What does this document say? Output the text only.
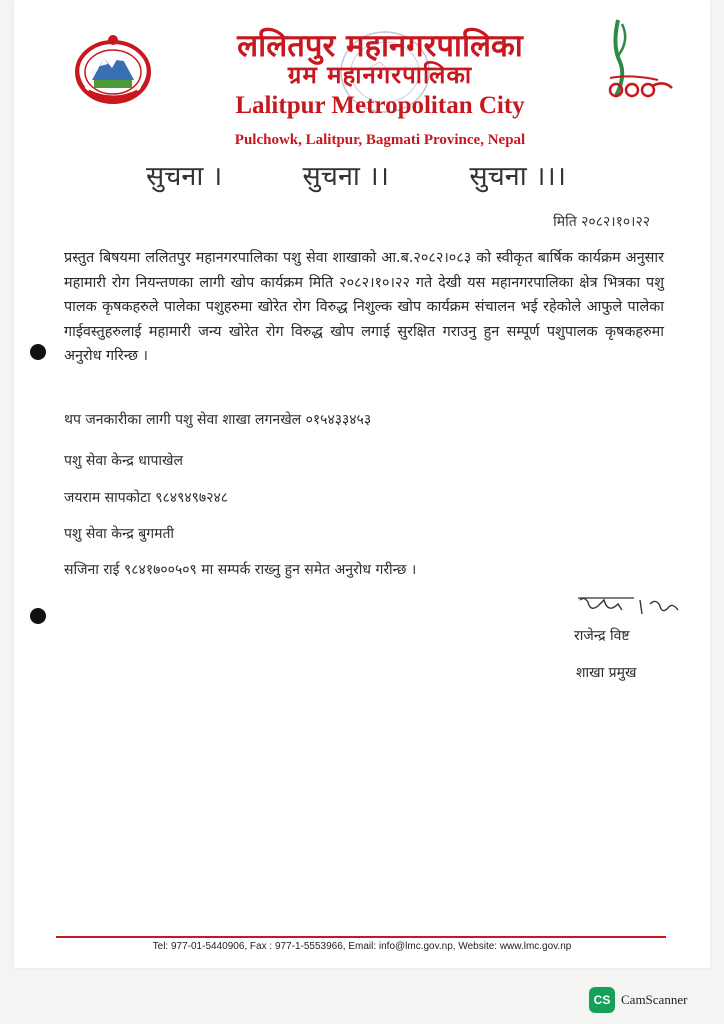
ललितपुर महानगरपालिका
ग्रम महानगरपालिका
Lalitpur Metropolitan City
Pulchowk, Lalitpur, Bagmati Province, Nepal
सुचना ।	सुचना ।।	सुचना ।।।
मिति २०८२।१०।२२
प्रस्तुत बिषयमा ललितपुर महानगरपालिका पशु सेवा शाखाको आ.ब.२०८२।०८३ को स्वीकृत बार्षिक कार्यक्रम अनुसार महामारी रोग नियन्तणका लागी खोप कार्यक्रम मिति २०८२।१०।२२ गते देखी यस महानगरपालिका क्षेत्र भित्रका पशु पालक कृषकहरुले पालेका पशुहरुमा खोरेत रोग विरुद्ध निशुल्क खोप कार्यक्रम संचालन भई रहेकोले आफुले पालेका गाईवस्तुहरुलाई महामारी जन्य खोरेत रोग विरुद्ध खोप लगाई सुरक्षित गराउनु हुन सम्पूर्ण पशुपालक कृषकहरुमा अनुरोध गरिन्छ ।
थप जनकारीका लागी पशु सेवा शाखा लगनखेल ०१५४३३४५३
पशु सेवा केन्द्र धापाखेल
जयराम सापकोटा ९८४९४९७२४८
पशु सेवा केन्द्र बुगमती
सजिना राई ९८४१७००५०९ मा सम्पर्क राख्नु हुन समेत अनुरोध गरीन्छ ।
राजेन्द्र विष्ट
शाखा प्रमुख
Tel: 977-01-5440906, Fax : 977-1-5553966, Email: info@lmc.gov.np, Website: www.lmc.gov.np
CS CamScanner
